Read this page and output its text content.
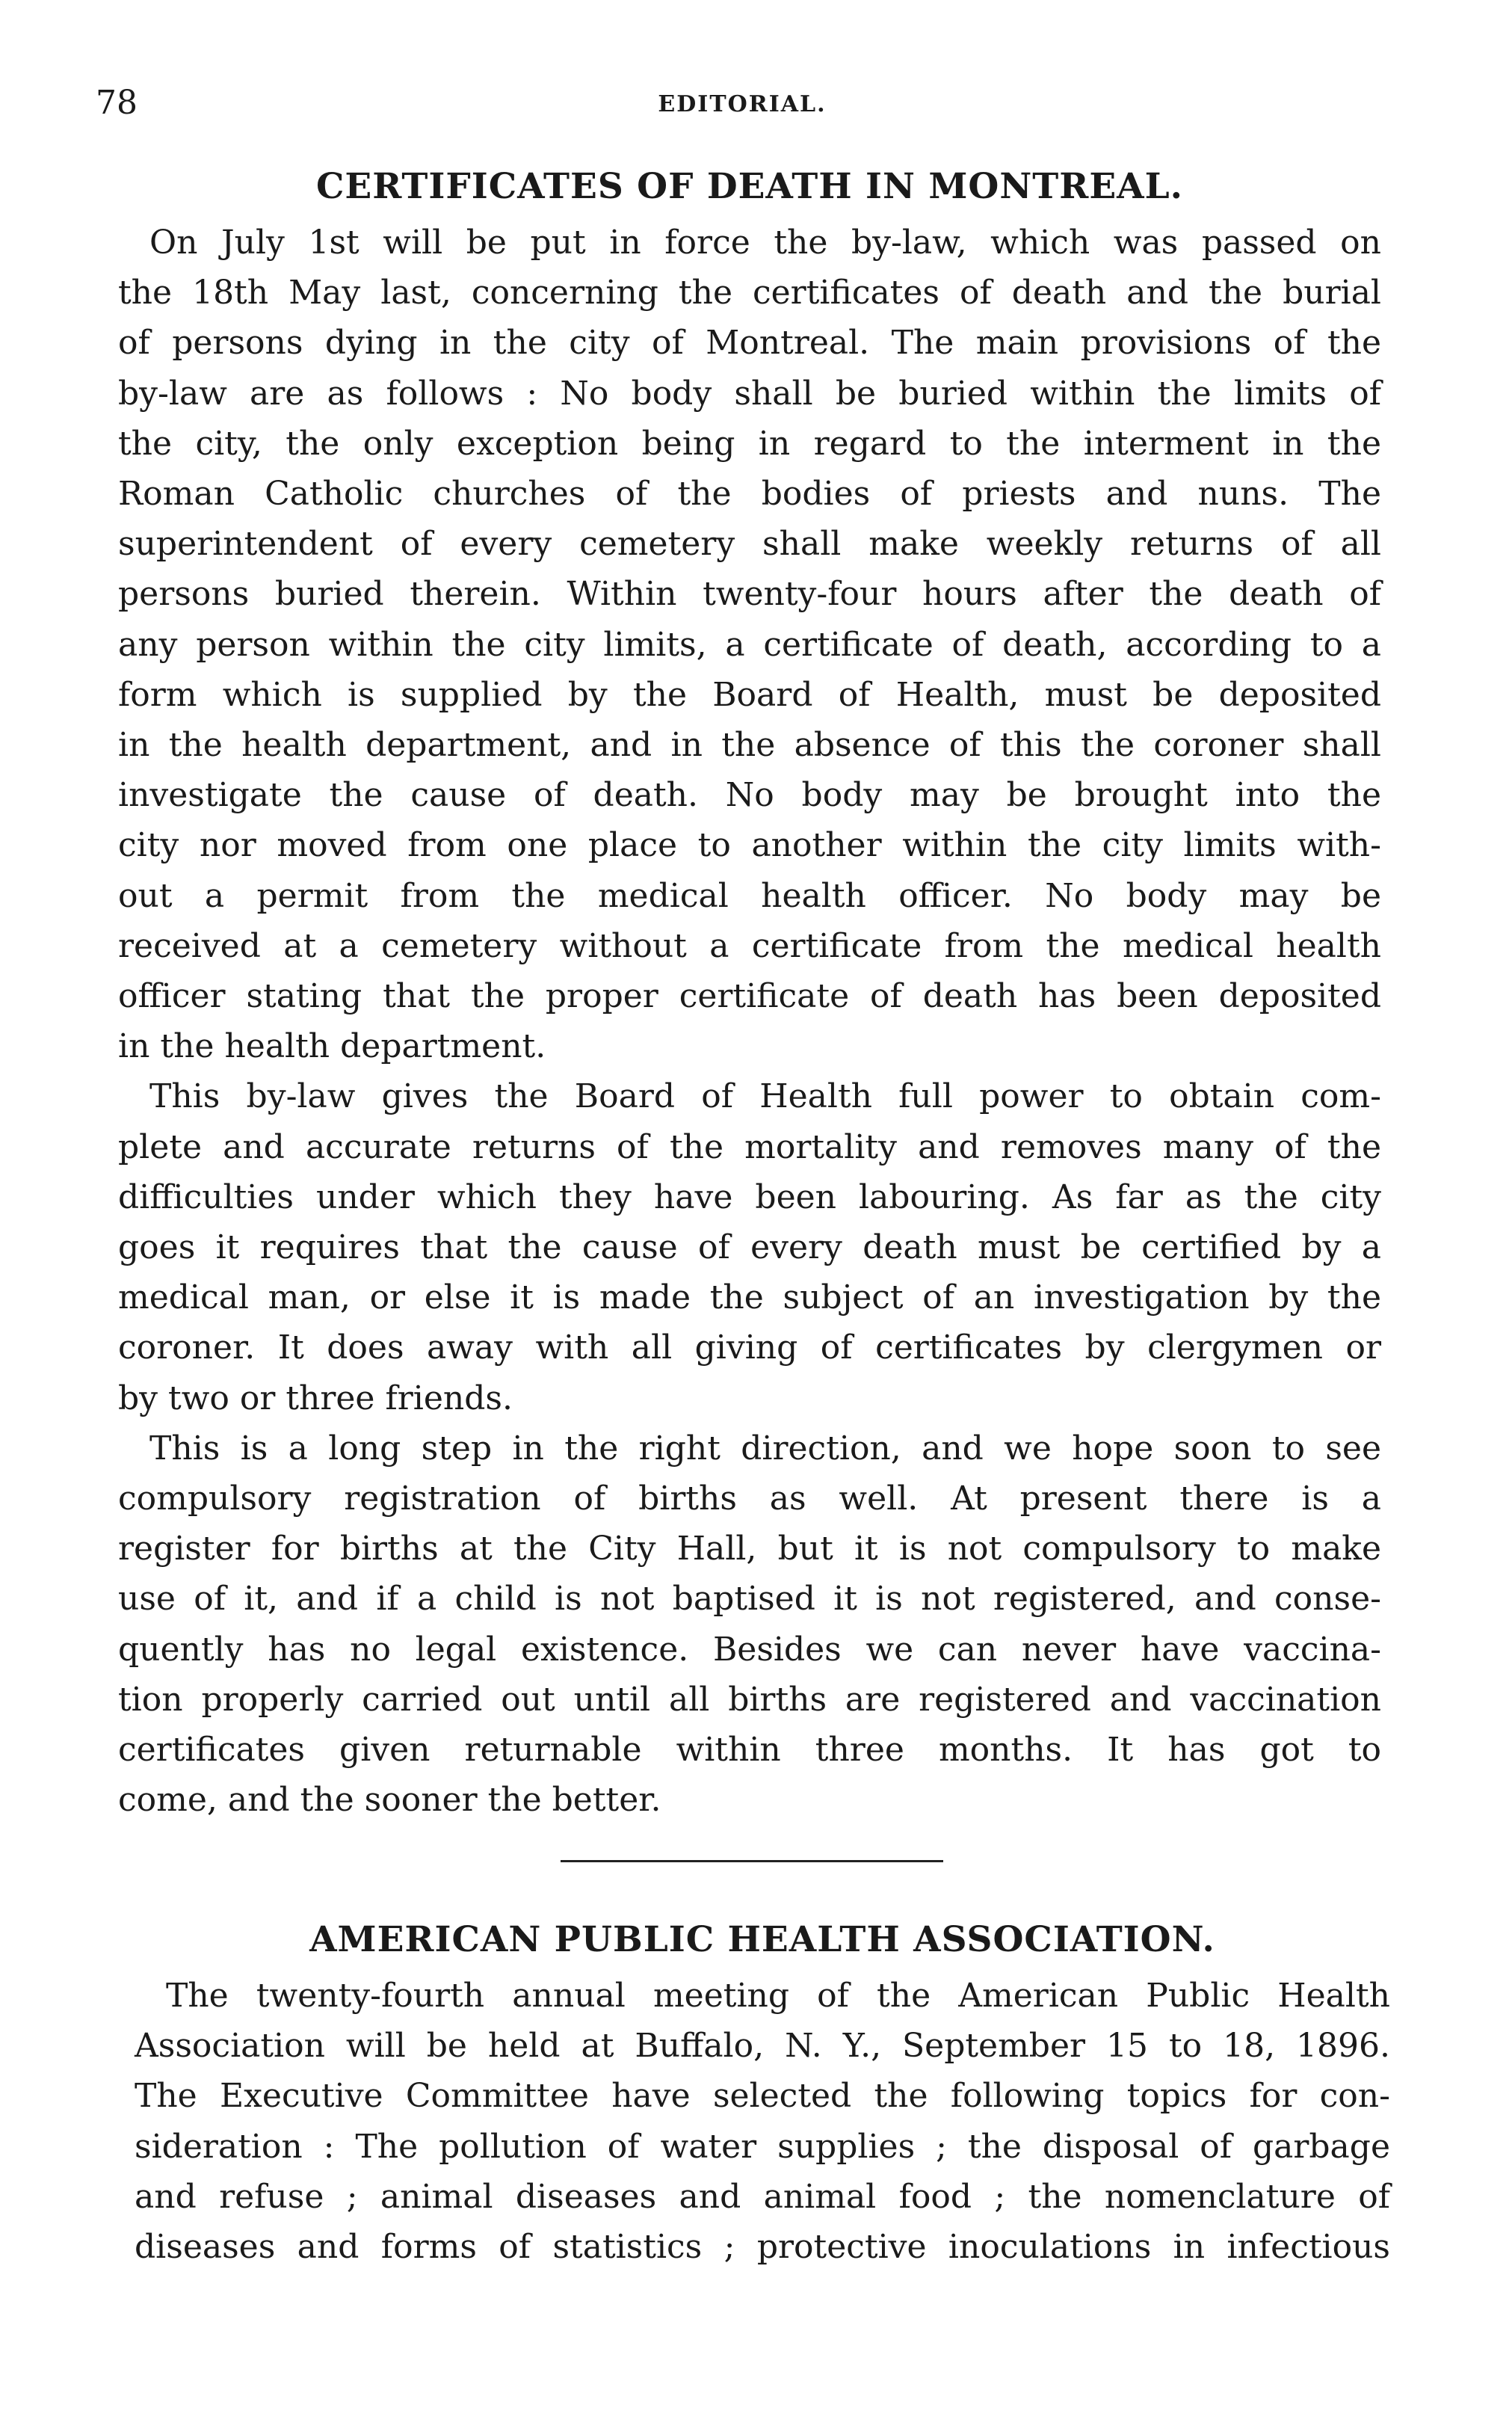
78	EDITORIAL.
CERTIFICATES OF DEATH IN MONTREAL.

On July 1st will be put in force the by-law, which was passed on
the 18th May last, concerning the certificates of death and the burial
of persons dying in the city of Montreal. The main provisions of the
by-law are as follows : No body shall be buried within the limits of
the city, the only exception being in regard to the interment in the
Roman Catholic churches of the bodies of priests and nuns. The
superintendent of every cemetery shall make weekly returns of all
persons buried therein. Within twenty-four hours after the death of
any person within the city limits, a certificate of death, according to a
form which is supplied by the Board of Health, must be deposited
in the health department, and in the absence of this the coroner shall
investigate the cause of death. No body may be brought into the
city nor moved from one place to another within the city limits with-
out a permit from the medical health officer. No body may be
received at a cemetery without a certificate from the medical health
officer stating that the proper certificate of death has been deposited
in the health department.

This by-law gives the Board of Health full power to obtain com-
plete and accurate returns of the mortality and removes many of the
difficulties under which they have been labouring. As far as the city
goes it requires that the cause of every death must be certified by a
medical man, or else it is made the subject of an investigation by the
coroner. It does away with all giving of certificates by clergymen or
by two or three friends.

This is a long step in the right direction, and we hope soon to see
compulsory registration of births as well. At present there is a
register for births at the City Hall, but it is not compulsory to make
use of it, and if a child is not baptised it is not registered, and conse-
quently has no legal existence. Besides we can never have vaccina-
tion properly carried out until all births are registered and vaccination
certificates given returnable within three months. It has got to
come, and the sooner the better.

AMERICAN PUBLIC HEALTH ASSOCIATION.

The twenty-fourth annual meeting of the American Public Health
Association will be held at Buffalo, N. Y., September 15 to 18, 1896.
The Executive Committee have selected the following topics for con-
sideration : The pollution of water supplies ; the disposal of garbage
and refuse ; animal diseases and animal food ; the nomenclature of
diseases and forms of statistics ; protective inoculations in infectious
